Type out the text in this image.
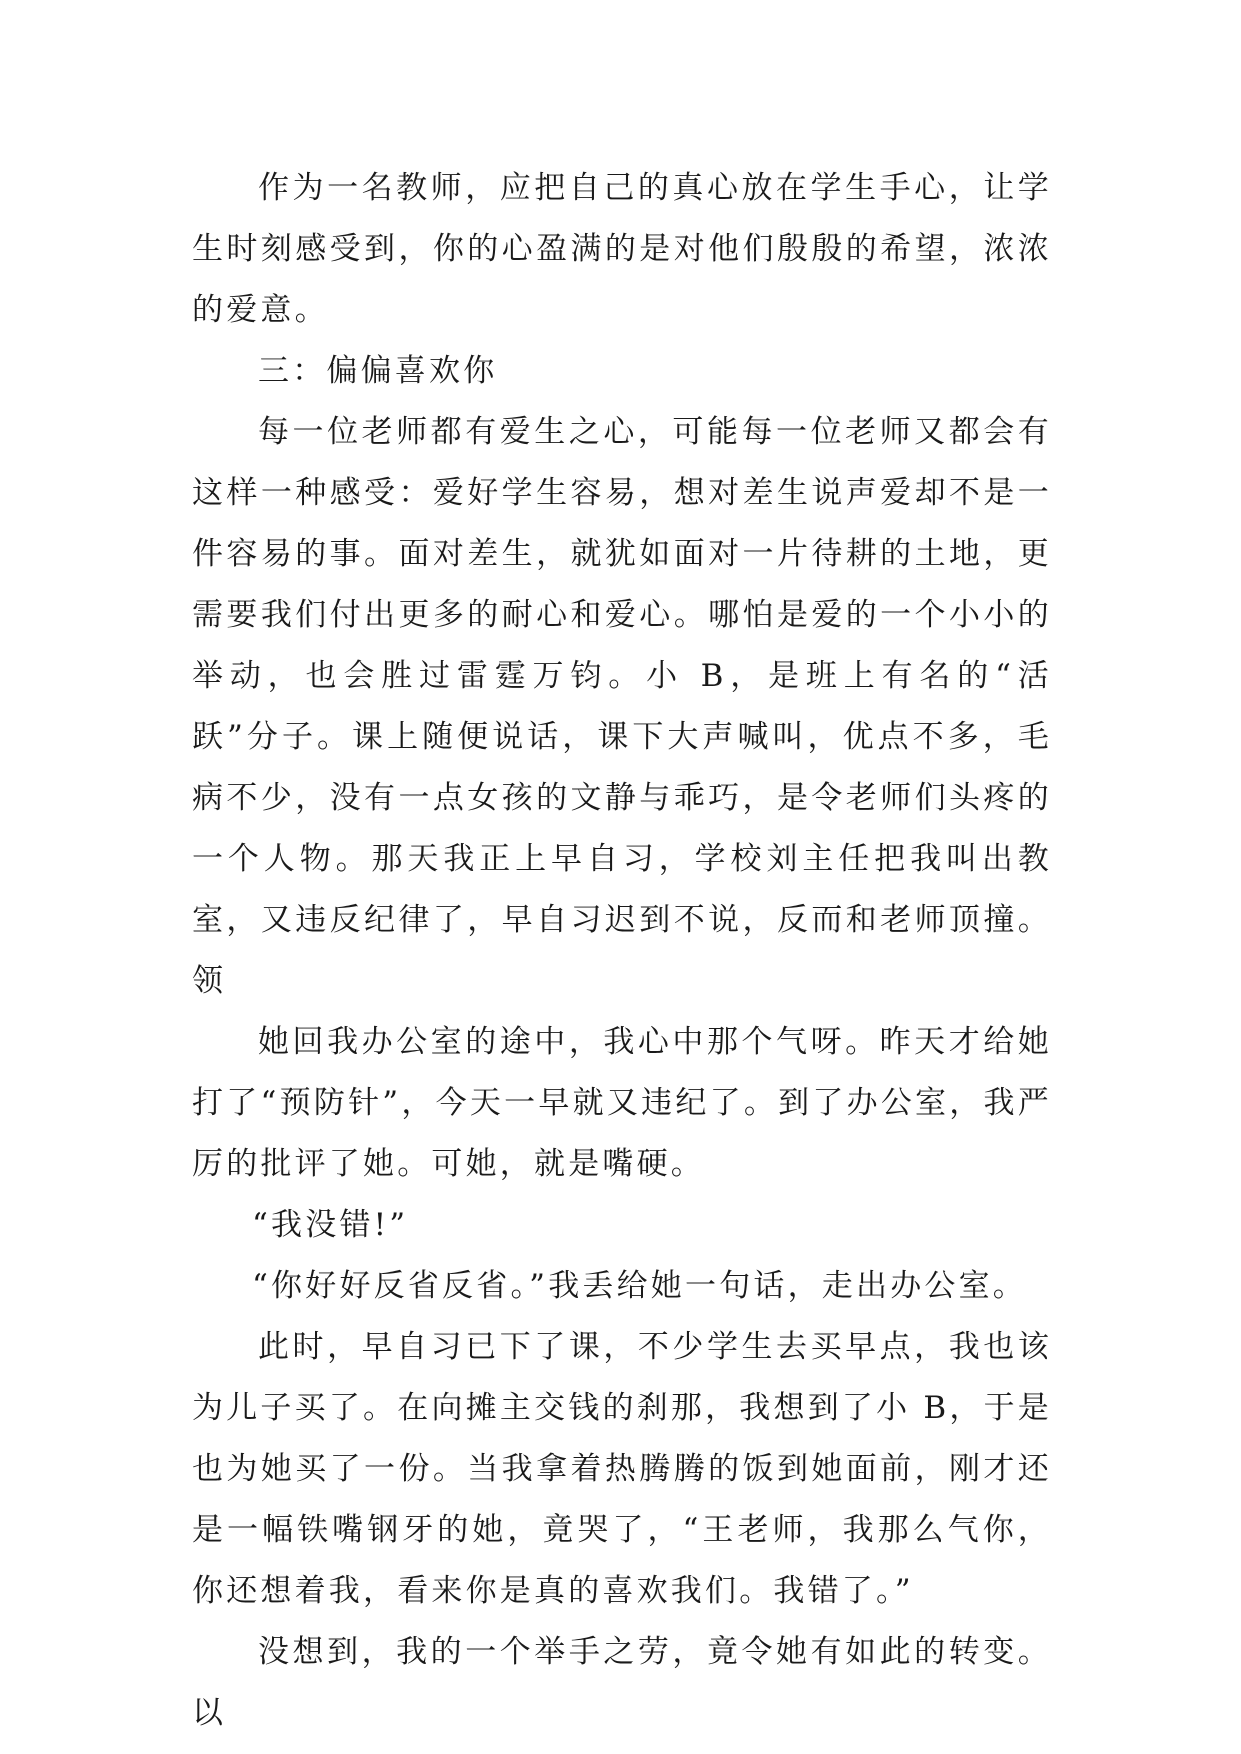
作为一名教师，应把自己的真心放在学生手心，让学生时刻感受到，你的心盈满的是对他们殷殷的希望，浓浓的爱意。

三：偏偏喜欢你

每一位老师都有爱生之心，可能每一位老师又都会有这样一种感受：爱好学生容易，想对差生说声爱却不是一件容易的事。面对差生，就犹如面对一片待耕的土地，更需要我们付出更多的耐心和爱心。哪怕是爱的一个小小的举动，也会胜过雷霆万钧。小 B，是班上有名的“活跃”分子。课上随便说话，课下大声喊叫，优点不多，毛病不少，没有一点女孩的文静与乖巧，是令老师们头疼的一个人物。那天我正上早自习，学校刘主任把我叫出教室，又违反纪律了，早自习迟到不说，反而和老师顶撞。领

她回我办公室的途中，我心中那个气呀。昨天才给她打了“预防针”，今天一早就又违纪了。到了办公室，我严厉的批评了她。可她，就是嘴硬。

“我没错!”

“你好好反省反省。”我丢给她一句话，走出办公室。

此时，早自习已下了课，不少学生去买早点，我也该为儿子买了。在向摊主交钱的刹那，我想到了小 B，于是也为她买了一份。当我拿着热腾腾的饭到她面前，刚才还是一幅铁嘴钢牙的她，竟哭了，“王老师，我那么气你，你还想着我，看来你是真的喜欢我们。我错了。”

没想到，我的一个举手之劳，竟令她有如此的转变。以
